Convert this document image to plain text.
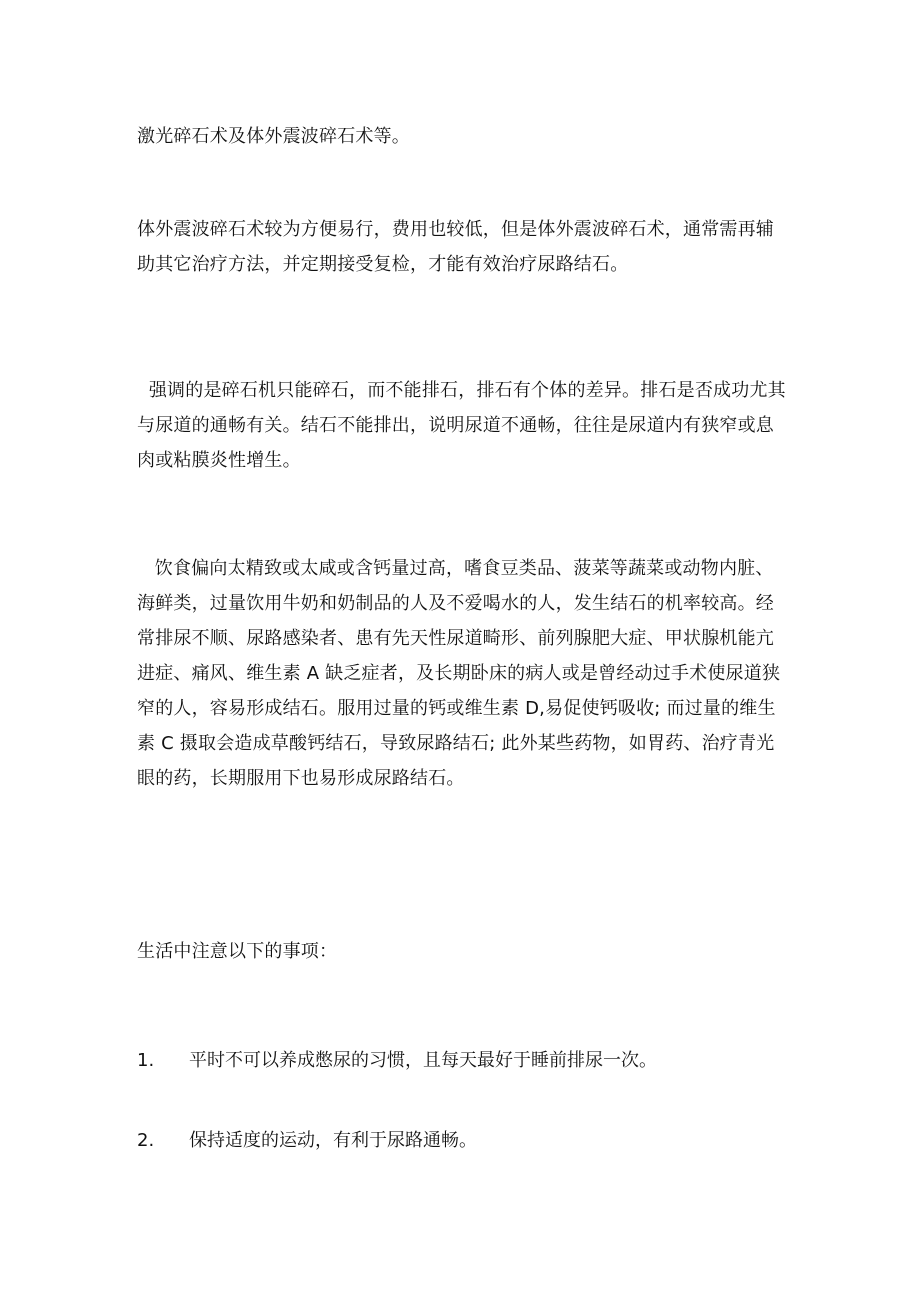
激光碎石术及体外震波碎石术等。

体外震波碎石术较为方便易行，费用也较低，但是体外震波碎石术，通常需再辅助其它治疗方法，并定期接受复检，才能有效治疗尿路结石。

强调的是碎石机只能碎石，而不能排石，排石有个体的差异。排石是否成功尤其与尿道的通畅有关。结石不能排出，说明尿道不通畅，往往是尿道内有狭窄或息肉或粘膜炎性增生。

饮食偏向太精致或太咸或含钙量过高，嗜食豆类品、菠菜等蔬菜或动物内脏、海鲜类，过量饮用牛奶和奶制品的人及不爱喝水的人，发生结石的机率较高。经常排尿不顺、尿路感染者、患有先天性尿道畸形、前列腺肥大症、甲状腺机能亢进症、痛风、维生素 A 缺乏症者，及长期卧床的病人或是曾经动过手术使尿道狭窄的人，容易形成结石。服用过量的钙或维生素 D,易促使钙吸收; 而过量的维生素 C 摄取会造成草酸钙结石，导致尿路结石; 此外某些药物，如胃药、治疗青光眼的药，长期服用下也易形成尿路结石。

生活中注意以下的事项：

1.	平时不可以养成憋尿的习惯，且每天最好于睡前排尿一次。
2.	保持适度的运动，有利于尿路通畅。
